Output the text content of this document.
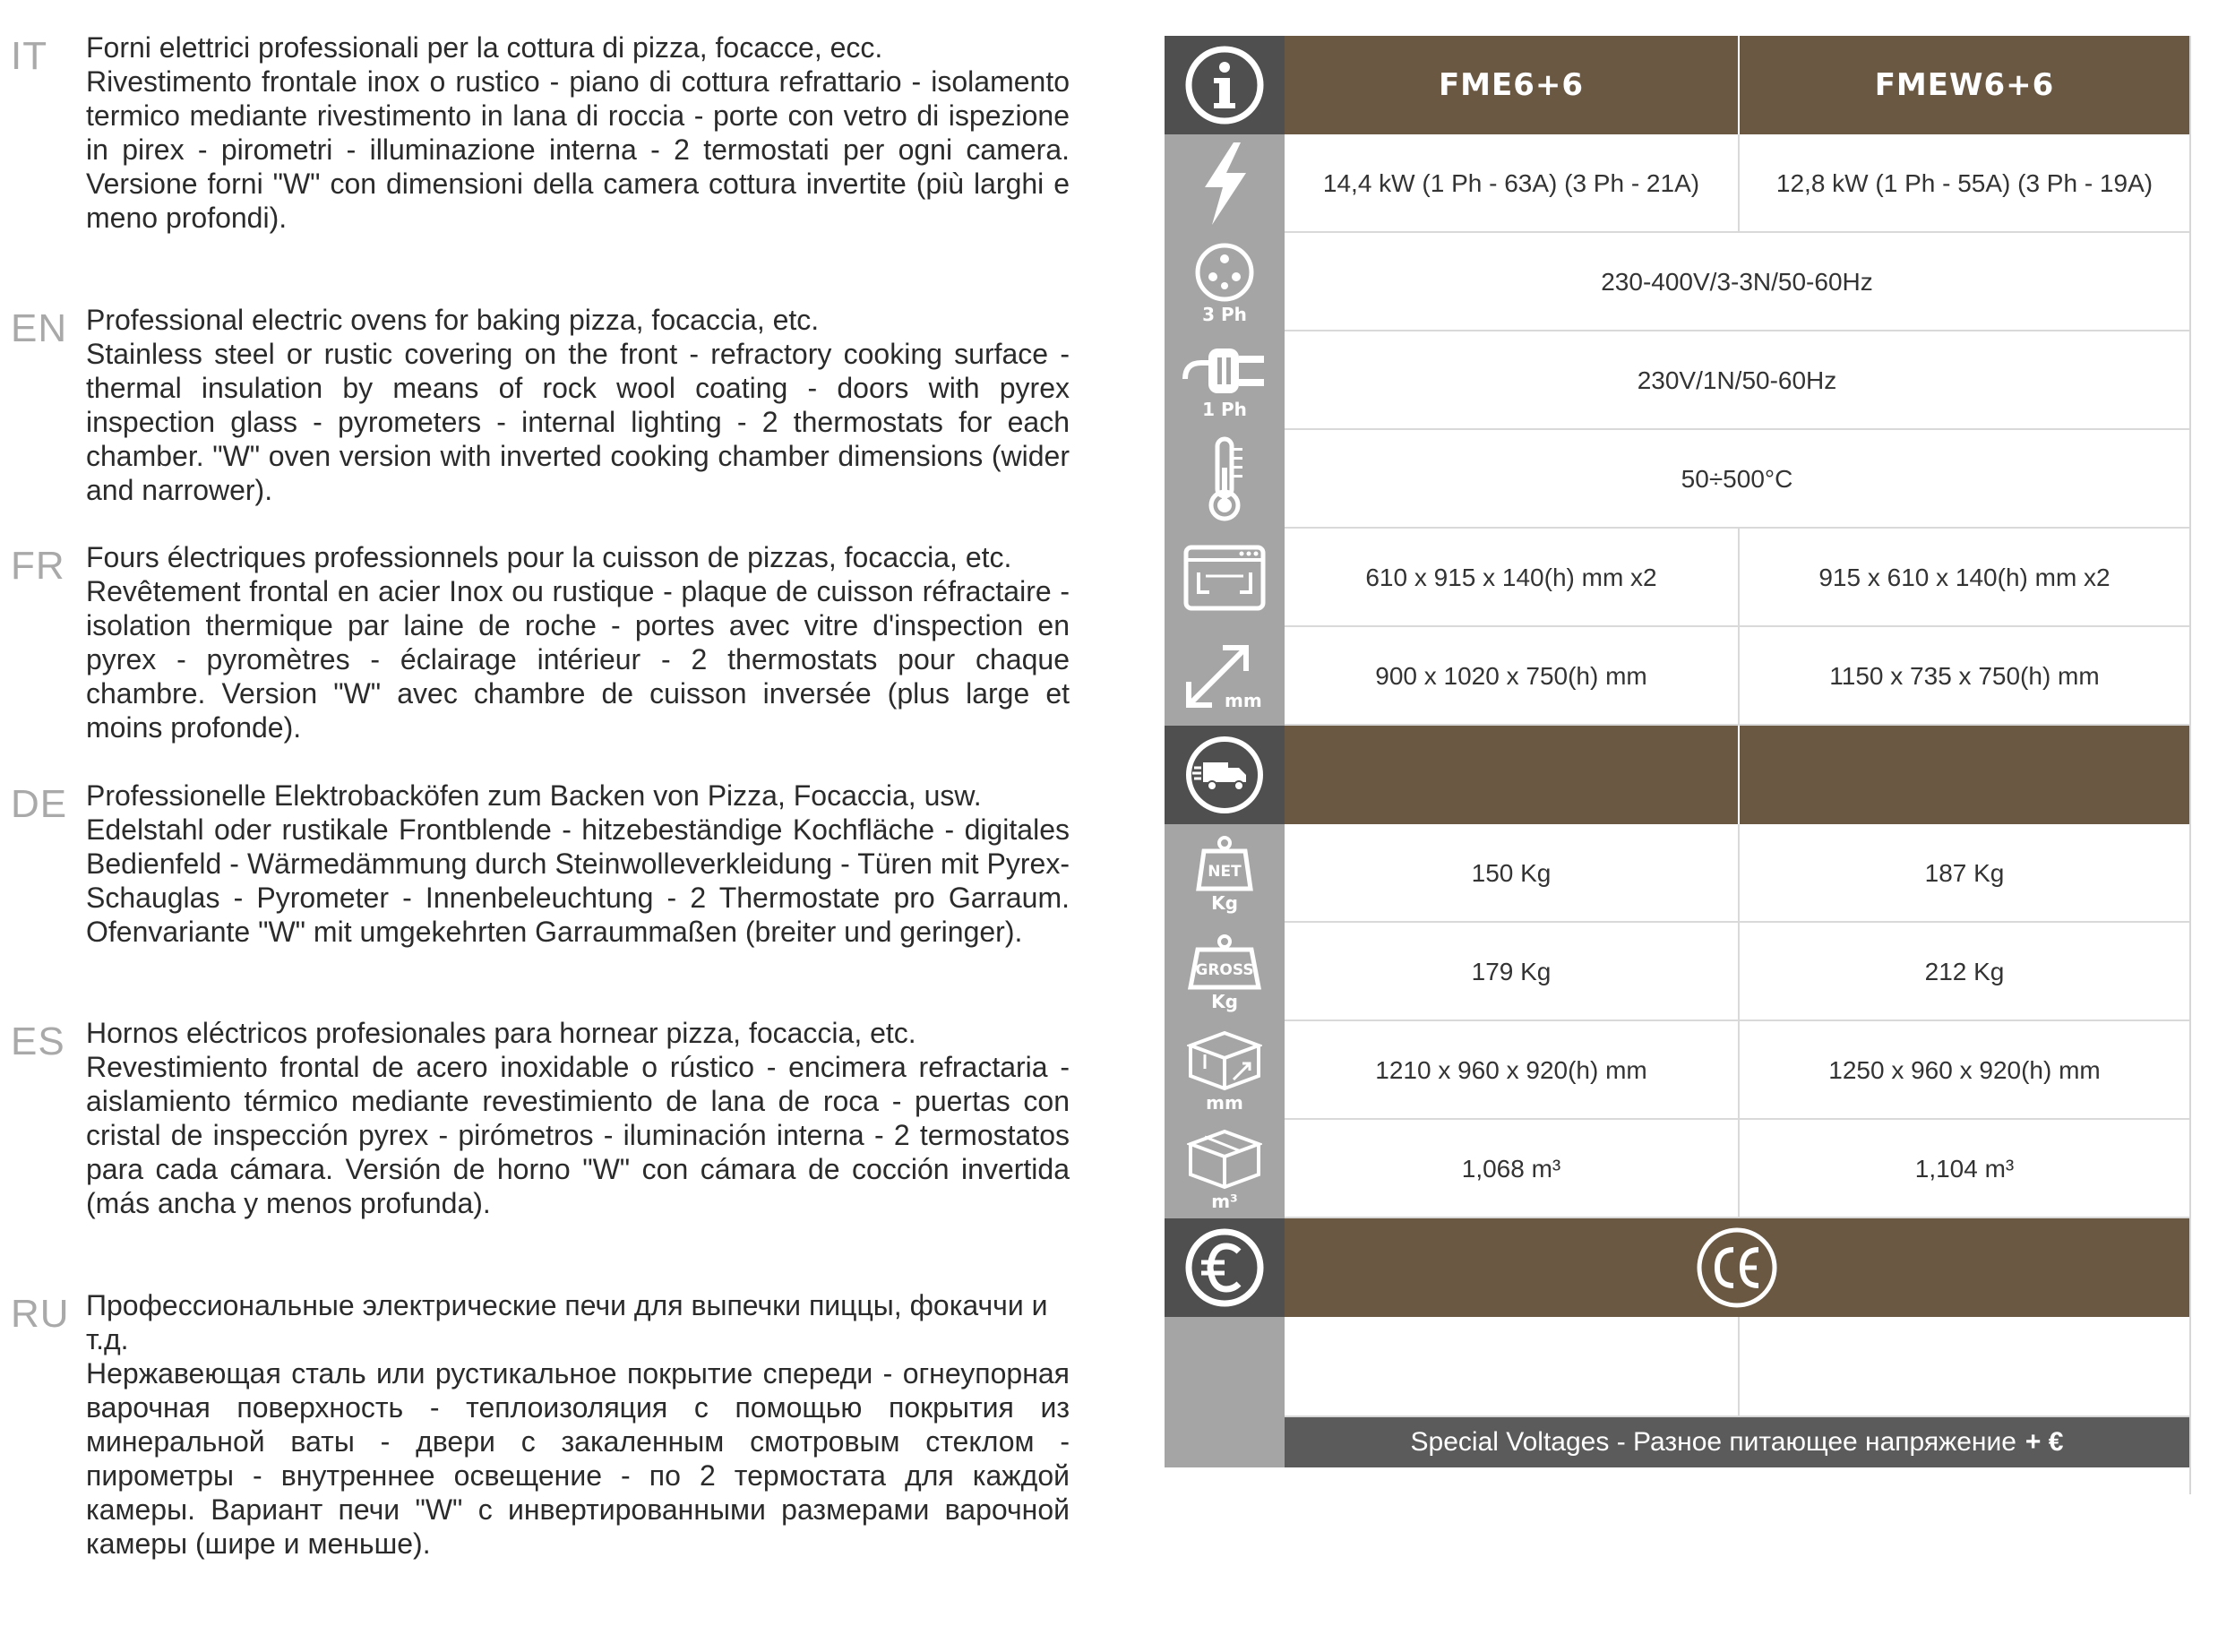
IT Forni elettrici professionali per la cottura di pizza, focacce, ecc.
Rivestimento frontale inox o rustico - piano di cottura refrattario - isolamento termico mediante rivestimento in lana di roccia - porte con vetro di ispezione in pirex - pirometri - illuminazione interna - 2 termostati per ogni camera. Versione forni "W" con dimensioni della camera cottura invertite (più larghi e meno profondi).
EN Professional electric ovens for baking pizza, focaccia, etc.
Stainless steel or rustic covering on the front - refractory cooking surface - thermal insulation by means of rock wool coating - doors with pyrex inspection glass - pyrometers - internal lighting - 2 thermostats for each chamber. "W" oven version with inverted cooking chamber dimensions (wider and narrower).
FR Fours électriques professionnels pour la cuisson de pizzas, focaccia, etc.
Revêtement frontal en acier Inox ou rustique - plaque de cuisson réfractaire - isolation thermique par laine de roche - portes avec vitre d'inspection en pyrex - pyromètres - éclairage intérieur - 2 thermostats pour chaque chambre. Version "W" avec chambre de cuisson inversée (plus large et moins profonde).
DE Professionelle Elektrobacköfen zum Backen von Pizza, Focaccia, usw.
Edelstahl oder rustikale Frontblende - hitzebeständige Kochfläche - digitales Bedienfeld - Wärmedämmung durch Steinwolleverkleidung - Türen mit Pyrex-Schauglas - Pyrometer - Innenbeleuchtung - 2 Thermostate pro Garraum. Ofenvariante "W" mit umgekehrten Garraummaßen (breiter und geringer).
ES Hornos eléctricos profesionales para hornear pizza, focaccia, etc.
Revestimiento frontal de acero inoxidable o rústico - encimera refractaria - aislamiento térmico mediante revestimiento de lana de roca - puertas con cristal de inspección pyrex - pirómetros - iluminación interna - 2 termostatos para cada cámara. Versión de horno "W" con cámara de cocción invertida (más ancha y menos profunda).
RU Профессиональные электрические печи для выпечки пиццы, фокаччи и т.д.
Нержавеющая сталь или рустикальное покрытие спереди - огнеупорная варочная поверхность - теплоизоляция с помощью покрытия из минеральной ваты - двери с закаленным смотровым стеклом - пирометры - внутреннее освещение - по 2 термостата для каждой камеры. Вариант печи "W" с инвертированными размерами варочной камеры (шире и меньше).
FME6+6	FMEW6+6
14,4 kW (1 Ph - 63A) (3 Ph - 21A)	12,8 kW (1 Ph - 55A) (3 Ph - 19A)
3 Ph
230-400V/3-3N/50-60Hz
1 Ph
230V/1N/50-60Hz
50÷500°C
610 x 915 x 140(h) mm x2	915 x 610 x 140(h) mm x2
mm
900 x 1020 x 750(h) mm	1150 x 735 x 750(h) mm
NET
Kg
150 Kg	187 Kg
GROSS
Kg
179 Kg	212 Kg
mm
1210 x 960 x 920(h) mm	1250 x 960 x 920(h) mm
m³
1,068 m³	1,104 m³
Special Voltages - Разное питающее напряжение + €
